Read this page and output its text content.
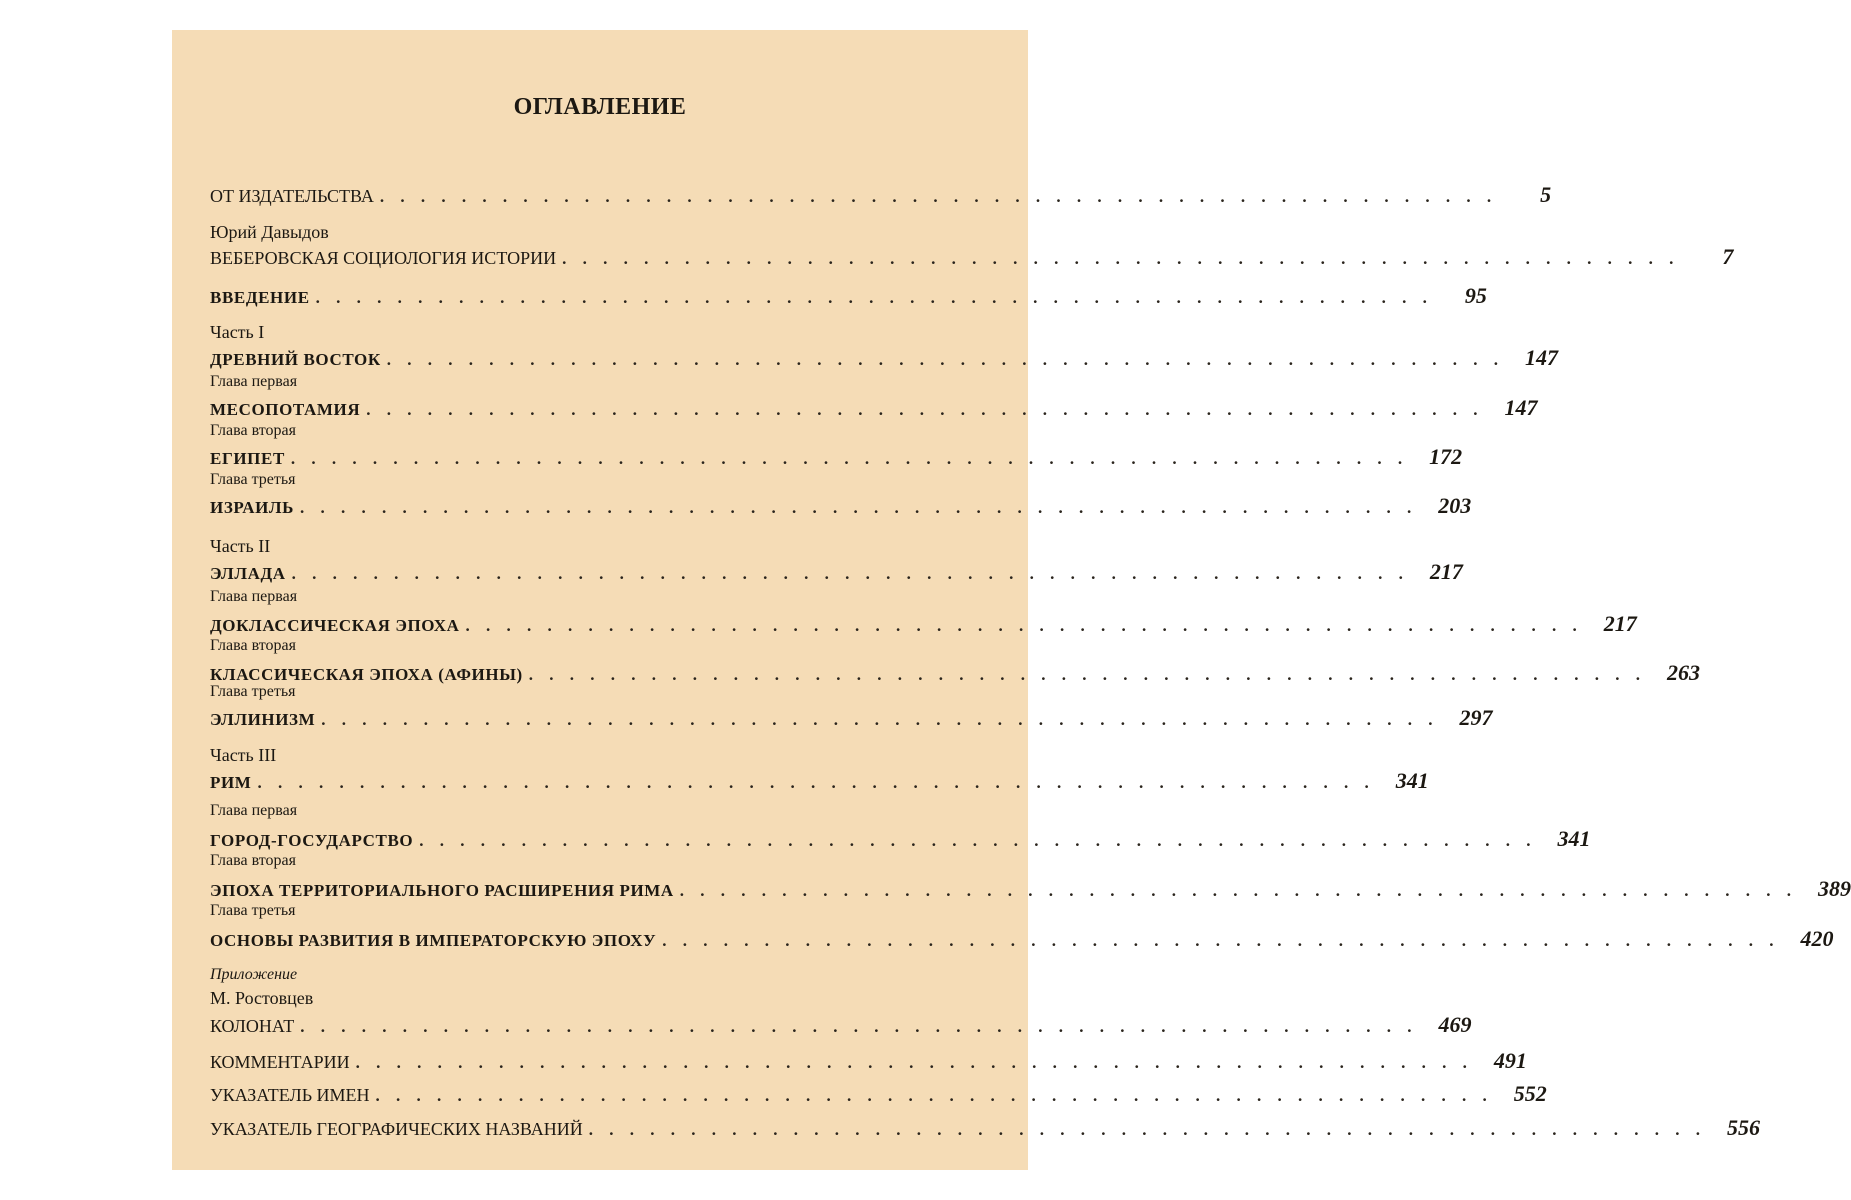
ОГЛАВЛЕНИЕ
ОТ ИЗДАТЕЛЬСТВА . . . . . . . . . . . . . . . . . . . . . . . . . . . . . . . . . . . . . . . . . . . . . . . . . . . . . . .	5
Юрий Давыдов
ВЕБЕРОВСКАЯ СОЦИОЛОГИЯ ИСТОРИИ . . . . . . . . . . . . . . . . . . . . . . . . . . . . . . . . . . . . . . . . . . . . . . . . . . . . . . .	7
ВВЕДЕНИЕ . . . . . . . . . . . . . . . . . . . . . . . . . . . . . . . . . . . . . . . . . . . . . . . . . . . . . . .	95
Часть I
ДРЕВНИЙ ВОСТОК . . . . . . . . . . . . . . . . . . . . . . . . . . . . . . . . . . . . . . . . . . . . . . . . . . . . . . . 147
Глава первая
МЕСОПОТАМИЯ . . . . . . . . . . . . . . . . . . . . . . . . . . . . . . . . . . . . . . . . . . . . . . . . . . . . . . . 147
Глава вторая
ЕГИПЕТ . . . . . . . . . . . . . . . . . . . . . . . . . . . . . . . . . . . . . . . . . . . . . . . . . . . . . . . 172
Глава третья
ИЗРАИЛЬ . . . . . . . . . . . . . . . . . . . . . . . . . . . . . . . . . . . . . . . . . . . . . . . . . . . . . . . 203
Часть II
ЭЛЛАДА . . . . . . . . . . . . . . . . . . . . . . . . . . . . . . . . . . . . . . . . . . . . . . . . . . . . . . . 217
Глава первая
ДОКЛАССИЧЕСКАЯ ЭПОХА . . . . . . . . . . . . . . . . . . . . . . . . . . . . . . . . . . . . . . . . . . . . . . . . . . . . . . . 217
Глава вторая
КЛАССИЧЕСКАЯ ЭПОХА (АФИНЫ) . . . . . . . . . . . . . . . . . . . . . . . . . . . . . . . . . . . . . . . . . . . . . . . . . . . . . . . 263
Глава третья
ЭЛЛИНИЗМ . . . . . . . . . . . . . . . . . . . . . . . . . . . . . . . . . . . . . . . . . . . . . . . . . . . . . . . 297
Часть III
РИМ . . . . . . . . . . . . . . . . . . . . . . . . . . . . . . . . . . . . . . . . . . . . . . . . . . . . . . . 341
Глава первая
ГОРОД-ГОСУДАРСТВО . . . . . . . . . . . . . . . . . . . . . . . . . . . . . . . . . . . . . . . . . . . . . . . . . . . . . . . 341
Глава вторая
ЭПОХА ТЕРРИТОРИАЛЬНОГО РАСШИРЕНИЯ РИМА . . . . . . . . . . . . . . . . . . . . . . . . . . . . . . . . . . . . . . . . . . . . . . . . . . . . . . . 389
Глава третья
ОСНОВЫ РАЗВИТИЯ В ИМПЕРАТОРСКУЮ ЭПОХУ . . . . . . . . . . . . . . . . . . . . . . . . . . . . . . . . . . . . . . . . . . . . . . . . . . . . . . . 420
Приложение
М. Ростовцев
КОЛОНАТ . . . . . . . . . . . . . . . . . . . . . . . . . . . . . . . . . . . . . . . . . . . . . . . . . . . . . . . 469
КОММЕНТАРИИ . . . . . . . . . . . . . . . . . . . . . . . . . . . . . . . . . . . . . . . . . . . . . . . . . . . . . . . 491
УКАЗАТЕЛЬ ИМЕН . . . . . . . . . . . . . . . . . . . . . . . . . . . . . . . . . . . . . . . . . . . . . . . . . . . . . . . 552
УКАЗАТЕЛЬ ГЕОГРАФИЧЕСКИХ НАЗВАНИЙ . . . . . . . . . . . . . . . . . . . . . . . . . . . . . . . . . . . . . . . . . . . . . . . . . . . . . . . 556
